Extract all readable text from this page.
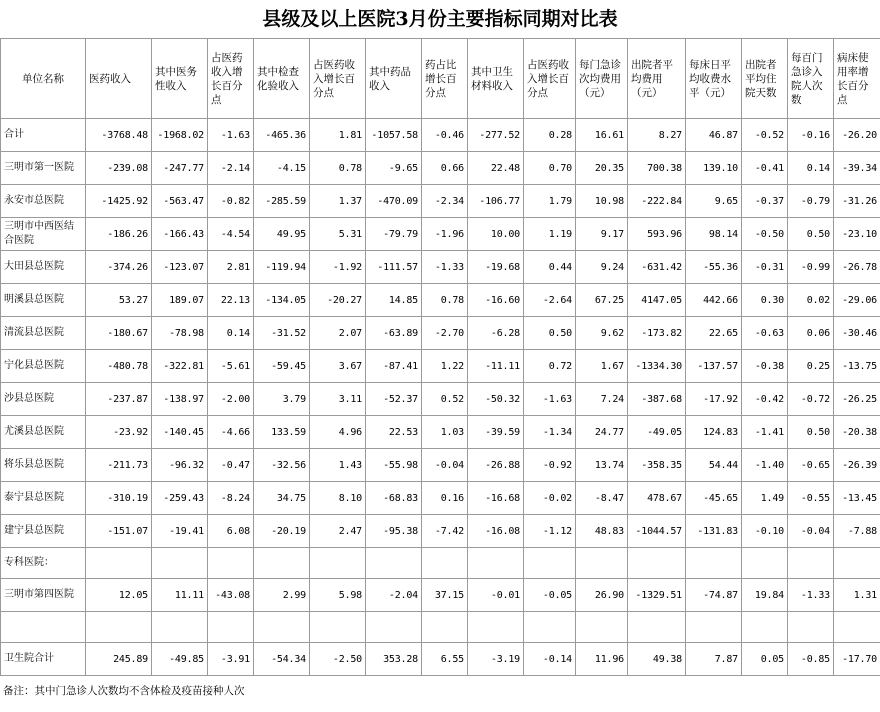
县级及以上医院3月份主要指标同期对比表
单位名称	医药收入	其中医务性收入	占医药收入增长百分点	其中检查化验收入	占医药收入增长百分点	其中药品收入	药占比增长百分点	其中卫生材料收入	占医药收入增长百分点	每门急诊次均费用（元）	出院者平均费用（元）	每床日平均收费水平（元）	出院者平均住院天数	每百门急诊入院人次数	病床使用率增长百分点
合计	-3768.48	-1968.02	-1.63	-465.36	1.81	-1057.58	-0.46	-277.52	0.28	16.61	8.27	46.87	-0.52	-0.16	-26.20
三明市第一医院	-239.08	-247.77	-2.14	-4.15	0.78	-9.65	0.66	22.48	0.70	20.35	700.38	139.10	-0.41	0.14	-39.34
永安市总医院	-1425.92	-563.47	-0.82	-285.59	1.37	-470.09	-2.34	-106.77	1.79	10.98	-222.84	9.65	-0.37	-0.79	-31.26
三明市中西医结合医院	-186.26	-166.43	-4.54	49.95	5.31	-79.79	-1.96	10.00	1.19	9.17	593.96	98.14	-0.50	0.50	-23.10
大田县总医院	-374.26	-123.07	2.81	-119.94	-1.92	-111.57	-1.33	-19.68	0.44	9.24	-631.42	-55.36	-0.31	-0.99	-26.78
明溪县总医院	53.27	189.07	22.13	-134.05	-20.27	14.85	0.78	-16.60	-2.64	67.25	4147.05	442.66	0.30	0.02	-29.06
清流县总医院	-180.67	-78.98	0.14	-31.52	2.07	-63.89	-2.70	-6.28	0.50	9.62	-173.82	22.65	-0.63	0.06	-30.46
宁化县总医院	-480.78	-322.81	-5.61	-59.45	3.67	-87.41	1.22	-11.11	0.72	1.67	-1334.30	-137.57	-0.38	0.25	-13.75
沙县总医院	-237.87	-138.97	-2.00	3.79	3.11	-52.37	0.52	-50.32	-1.63	7.24	-387.68	-17.92	-0.42	-0.72	-26.25
尤溪县总医院	-23.92	-140.45	-4.66	133.59	4.96	22.53	1.03	-39.59	-1.34	24.77	-49.05	124.83	-1.41	0.50	-20.38
将乐县总医院	-211.73	-96.32	-0.47	-32.56	1.43	-55.98	-0.04	-26.88	-0.92	13.74	-358.35	54.44	-1.40	-0.65	-26.39
泰宁县总医院	-310.19	-259.43	-8.24	34.75	8.10	-68.83	0.16	-16.68	-0.02	-8.47	478.67	-45.65	1.49	-0.55	-13.45
建宁县总医院	-151.07	-19.41	6.08	-20.19	2.47	-95.38	-7.42	-16.08	-1.12	48.83	-1044.57	-131.83	-0.10	-0.04	-7.88
专科医院：															
三明市第四医院	12.05	11.11	-43.08	2.99	5.98	-2.04	37.15	-0.01	-0.05	26.90	-1329.51	-74.87	19.84	-1.33	1.31

卫生院合计	245.89	-49.85	-3.91	-54.34	-2.50	353.28	6.55	-3.19	-0.14	11.96	49.38	7.87	0.05	-0.85	-17.70
备注：其中门急诊人次数均不含体检及疫苗接种人次
